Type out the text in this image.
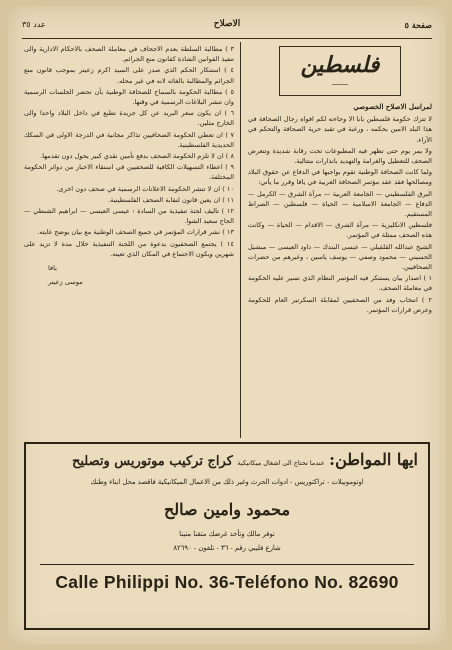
صفحة ٥
الاصلاح
عدد ٣٥
فلسطين
ـــــــــ

لمراسل الاصلاح الخصوصي

لا تترك حكومة فلسطين بابا الا وجاءته لكم افواه رجال الصحافة في هذا البلد الامين بحكمه ، ورغبة في تقيد حرية الصحافة والتحكم في الآراء.

ولا يمر يوم حتى تظهر فيه المطبوعات تحت رقابة شديدة وتتعرض الصحف للتعطيل والغرامة والتهديد بانذارات متتالية.

ولما كانت الصحافة الوطنية تقوم بواجبها في الدفاع عن حقوق البلاد ومصالحها فقد عقد مؤتمر الصحافة العربية في يافا وقرر ما يأتي:

البرق الفلسطيني — الجامعة العربية — مرآة الشرق — الكرمل — الدفاع — الجامعة الاسلامية — الحياة — فلسطين — الصراط المستقيم.

فلسطين الانكليزية — مرآة الشرق — الاقدام — الحياة — وكانت هذه الصحف ممثلة في المؤتمر.

الشيخ عبدالله القلقيلي — عيسى البندك — داود العيسى — ميشيل الحسيني — محمود وصفي — يوسف ياسين ، وغيرهم من حضرات الصحافيين.

١ ) اصدار بيان يستنكر فيه المؤتمر النظام الذي تسير عليه الحكومة في معاملة الصحف.

٢ ) انتخاب وفد من الصحفيين لمقابلة السكرتير العام للحكومة وعرض قرارات المؤتمر.

٣ ) مطالبة السلطة بعدم الاجحاف في معاملة الصحف بالاحكام الادارية والى تنفيذ القوانين الشاذة كقانون منع الجرائم.

٤ ) استنكار الحكم الذي صدر على السيد اكرم زعيتر بموجب قانون منع الجرائم والمطالبة بالغائه لانه في غير محله.

٥ ) مطالبة الحكومة بالسماح للصحافة الوطنية بأن تحضر الجلسات الرسمية وان تنشر البلاغات الرسمية في وقتها.

٦ ) ان يكون سعر البريد عن كل جريدة تطبع في داخل البلاد واحدا والى الخارج مثلين.

٧ ) ان تعطي الحكومة الصحافيين تذاكر مجانية في الدرجة الاولى في السكك الحديدية الفلسطينية.

٨ ) ان لا تلزم الحكومة الصحف بدفع تأمين نقدي كبير يحول دون تقدمها.

٩ ) اعطاء التسهيلات الكافية للصحفيين في استقاء الاخبار من دوائر الحكومة المختلفة.

١٠ ) ان لا تنشر الحكومة الاعلانات الرسمية في صحف دون اخرى.

١١ ) ان يعين قانون لنقابة الصحف الفلسطينية.

١٢ ) تاليف لجنة تنفيذية من السادة : عيسى العيسى — ابراهيم الشنطي — الحاج سعيد الشوا.

١٣ ) نشر قرارات المؤتمر في جميع الصحف الوطنية مع بيان يوضح غايته.

١٤ ) يجتمع الصحفيون بدعوة من اللجنة التنفيذية خلال مدة لا تزيد على شهرين ويكون الاجتماع في المكان الذي تعينه.

يافا

موسى زعيتر

ايها المواطن: عندما تحتاج الى اشغال ميكانيكية كراج تركيب موتوريس وتصليح
اوتوموبيلات - تراكتوريس - ادوات الحرث وغير ذلك من الاعمال الميكانيكية فاقصد محل ابناء وطنك
محمود وامين صالح
توفر مالك وتأخذ غرضك متقنا متينا
شارع فليبي رقم - ٣٦ - تلفون - ٨٢٦٩٠
Calle Philippi No. 36-Teléfono No. 82690
